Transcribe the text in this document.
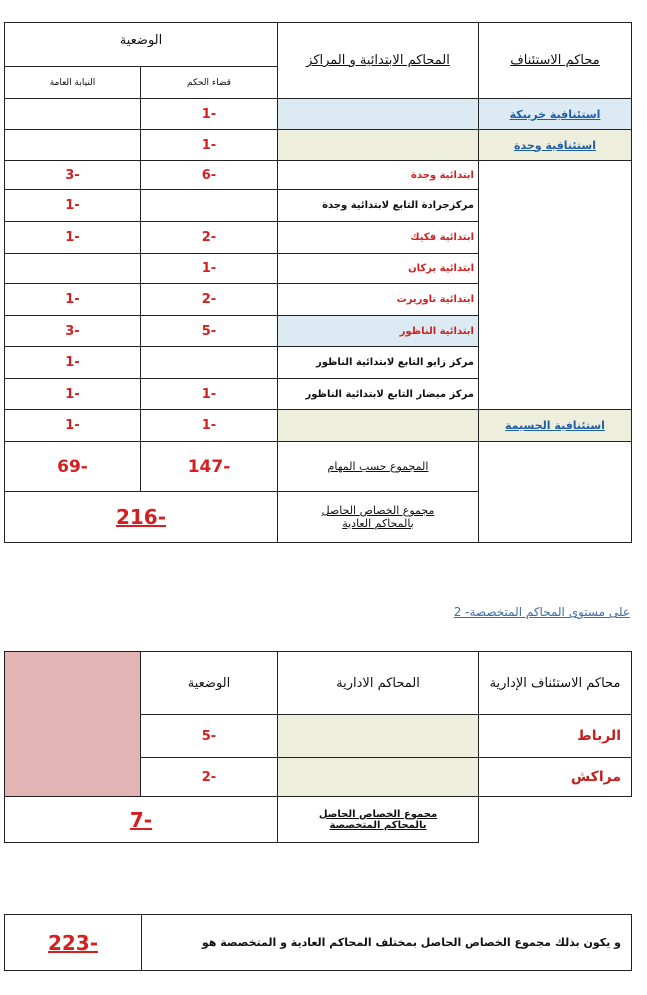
الوضعية		المحاكم الابتدائية و المراكز	محاكم الاستئناف
النيابة العامة	قضاء الحكم		
	1-		استئنافية خريبكة
	1-		استئنافية وجدة
3-	6-	ابتدائية وجدة	
1-		مركزجرادة التابع لابتدائية وجدة	
1-	2-	ابتدائية فكيك	
	1-	ابتدائية بركان	
1-	2-	ابتدائية تاوريرت	
3-	5-	ابتدائية الناظور	
1-		مركز زايو التابع لابتدائية الناظور	
1-	1-	مركز ميضار التابع لابتدائية الناظور	
1-	1-		استئنافية الحسيمة
69-	147-	المجموع حسب المهام	
216-		مجموع الخصاص الحاصل بالمحاكم العادية	
2 -على مستوى المحاكم المتخصصة
	الوضعية	المحاكم الادارية	محاكم الاستئناف الإدارية
	5-		الرباط
	2-		مراكش
7-		مجموع الخصاص الحاصل بالمحاكم المتخصصة	
223-	و يكون بذلك مجموع الخصاص الحاصل بمختلف المحاكم العادية و المتخصصة هو
